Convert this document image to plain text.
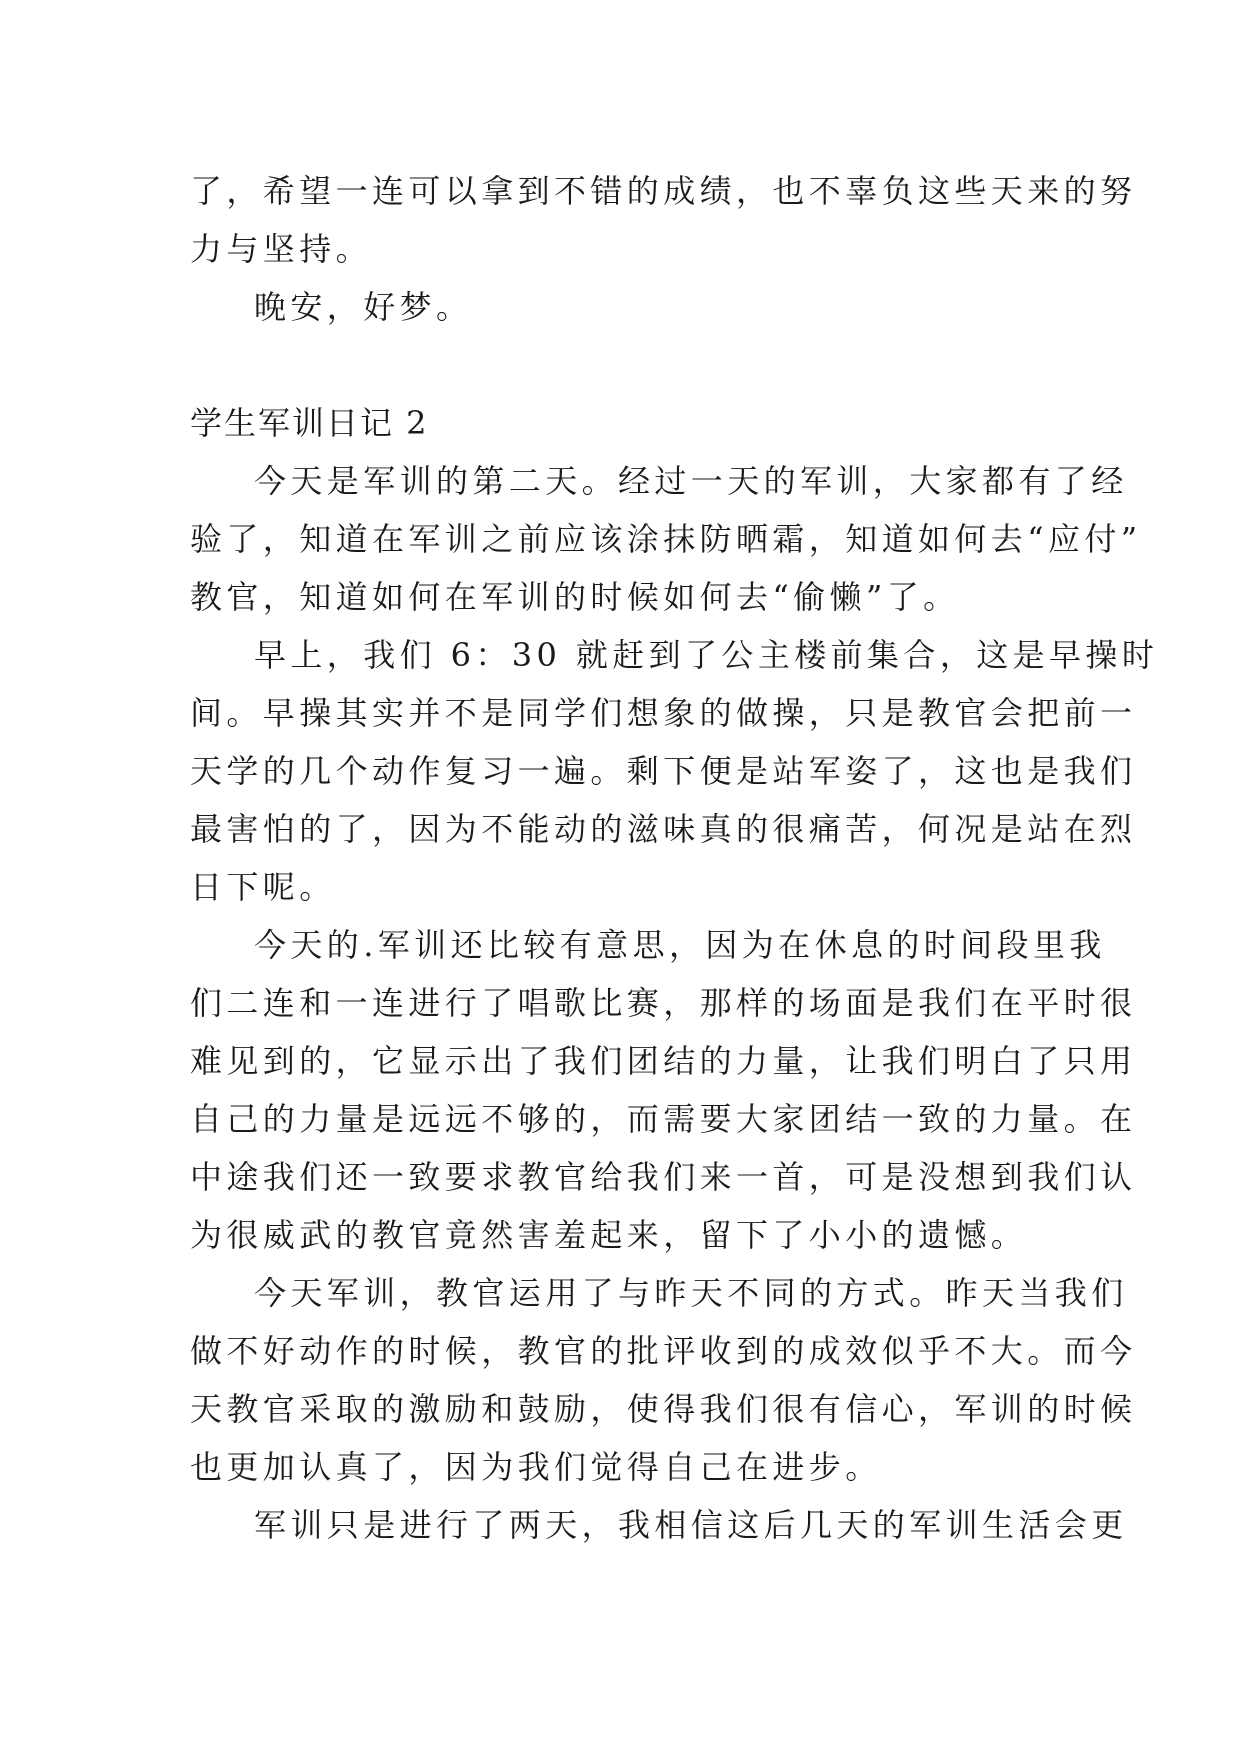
了，希望一连可以拿到不错的成绩，也不辜负这些天来的努
力与坚持。
晚安，好梦。
学生军训日记 2
今天是军训的第二天。经过一天的军训，大家都有了经
验了，知道在军训之前应该涂抹防晒霜，知道如何去“应付”
教官，知道如何在军训的时候如何去“偷懒”了。
早上，我们 6：30 就赶到了公主楼前集合，这是早操时
间。早操其实并不是同学们想象的做操，只是教官会把前一
天学的几个动作复习一遍。剩下便是站军姿了，这也是我们
最害怕的了，因为不能动的滋味真的很痛苦，何况是站在烈
日下呢。
今天的.军训还比较有意思，因为在休息的时间段里我
们二连和一连进行了唱歌比赛，那样的场面是我们在平时很
难见到的，它显示出了我们团结的力量，让我们明白了只用
自己的力量是远远不够的，而需要大家团结一致的力量。在
中途我们还一致要求教官给我们来一首，可是没想到我们认
为很威武的教官竟然害羞起来，留下了小小的遗憾。
今天军训，教官运用了与昨天不同的方式。昨天当我们
做不好动作的时候，教官的批评收到的成效似乎不大。而今
天教官采取的激励和鼓励，使得我们很有信心，军训的时候
也更加认真了，因为我们觉得自己在进步。
军训只是进行了两天，我相信这后几天的军训生活会更
